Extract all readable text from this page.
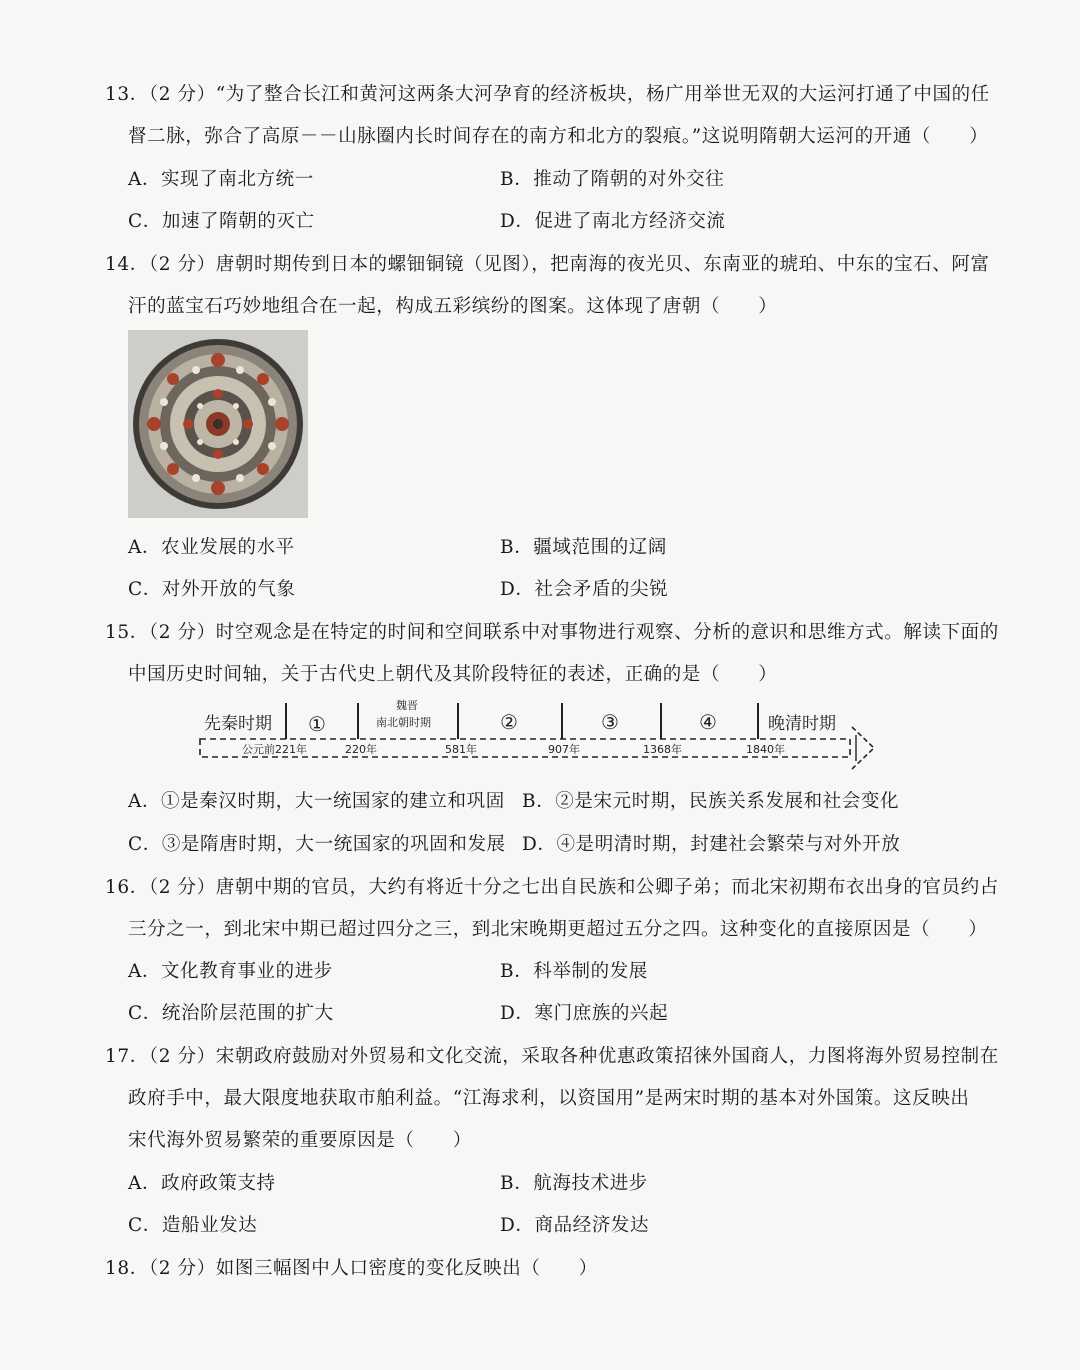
13．（2 分）“为了整合长江和黄河这两条大河孕育的经济板块，杨广用举世无双的大运河打通了中国的任
督二脉，弥合了高原－－山脉圈内长时间存在的南方和北方的裂痕。”这说明隋朝大运河的开通（　　）
A．实现了南北方统一	B．推动了隋朝的对外交往
C．加速了隋朝的灭亡	D．促进了南北方经济交流
14．（2 分）唐朝时期传到日本的螺钿铜镜（见图），把南海的夜光贝、东南亚的琥珀、中东的宝石、阿富
汗的蓝宝石巧妙地组合在一起，构成五彩缤纷的图案。这体现了唐朝（　　）
A．农业发展的水平	B．疆域范围的辽阔
C．对外开放的气象	D．社会矛盾的尖锐
15．（2 分）时空观念是在特定的时间和空间联系中对事物进行观察、分析的意识和思维方式。解读下面的
中国历史时间轴，关于古代史上朝代及其阶段特征的表述，正确的是（　　）
先秦时期 ①
魏晋
南北朝时期	②	③	④	晚清时期
公元前221年	220年	581年	907年	1368年	1840年
A．①是秦汉时期，大一统国家的建立和巩固 B．②是宋元时期，民族关系发展和社会变化
C．③是隋唐时期，大一统国家的巩固和发展 D．④是明清时期，封建社会繁荣与对外开放
16．（2 分）唐朝中期的官员，大约有将近十分之七出自民族和公卿子弟；而北宋初期布衣出身的官员约占
三分之一，到北宋中期已超过四分之三，到北宋晚期更超过五分之四。这种变化的直接原因是（　　）
A．文化教育事业的进步	B．科举制的发展
C．统治阶层范围的扩大	D．寒门庶族的兴起
17．（2 分）宋朝政府鼓励对外贸易和文化交流，采取各种优惠政策招徕外国商人，力图将海外贸易控制在
政府手中，最大限度地获取市舶利益。“江海求利，以资国用”是两宋时期的基本对外国策。这反映出
宋代海外贸易繁荣的重要原因是（　　）
A．政府政策支持	B．航海技术进步
C．造船业发达	D．商品经济发达
18．（2 分）如图三幅图中人口密度的变化反映出（　　）
